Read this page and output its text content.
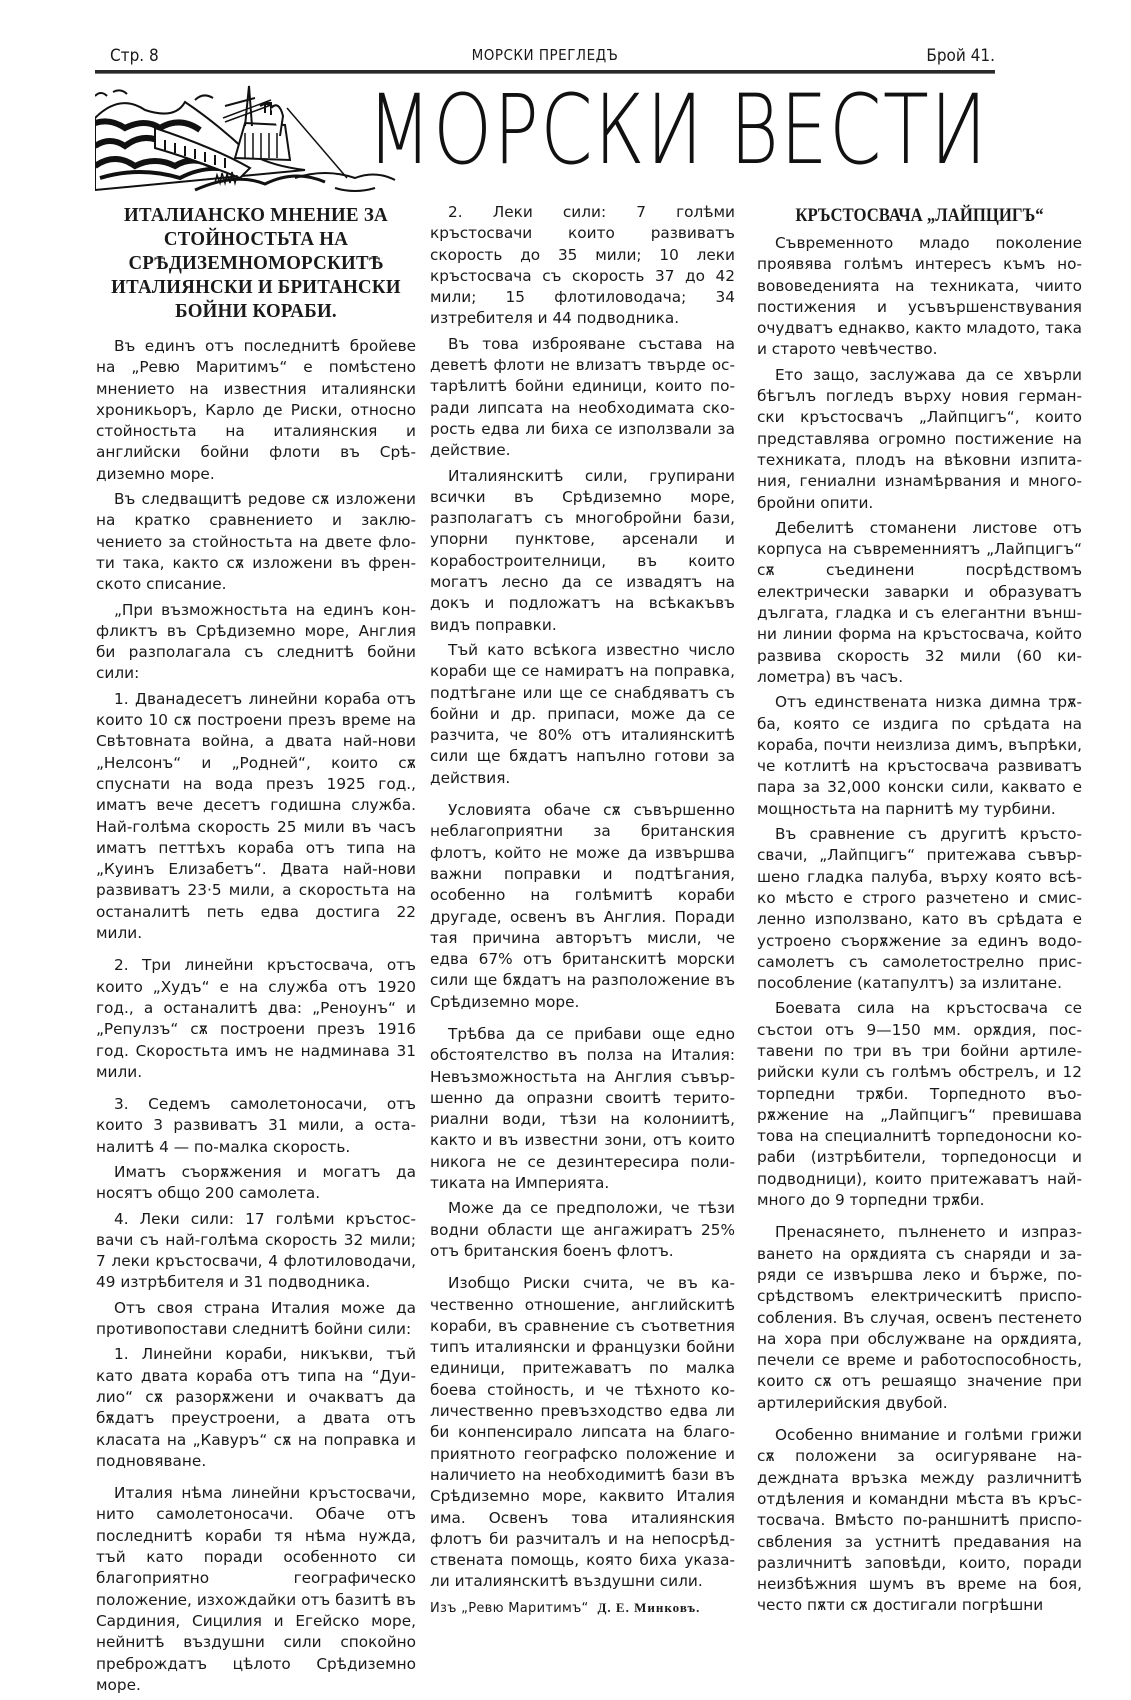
Стр. 8	МОРСКИ ПРЕГЛЕДЪ	Брой 41.
МОРСКИ ВЕСТИ
ИТАЛИАНСКО МНЕНИЕ ЗА СТОЙНОСТЬТА НА СРѢДИЗЕМНОМОРСКИТѢ ИТАЛИЯНСКИ И БРИТАНСКИ БОЙНИ КОРАБИ.

Въ единъ отъ последнитѣ бройеве на „Ревю Маритимъ“ е помѣстено мнението на известния италиянски хроникьоръ, Карло де Риски, относно стойностьта на италиянския и английски бойни флоти въ Срѣдиземно море.

Въ следващитѣ редове сѫ изложени на кратко сравнението и заключението за стойностьта на двете флоти така, както сѫ изложени въ френското списание.

„При възможностьта на единъ конфликтъ въ Срѣдиземно море, Англия би разполагала съ следнитѣ бойни сили:

1. Дванадесетъ линейни кораба отъ които 10 сѫ построени презъ време на Свѣтовната война, а двата най-нови „Нелсонъ“ и „Родней“, които сѫ спуснати на вода презъ 1925 год., иматъ вече десетъ годишна служба. Най-голѣма скорость 25 мили въ часъ иматъ петтѣхъ кораба отъ типа на „Куинъ Елизабетъ“. Двата най-нови развиватъ 23·5 мили, а скоростьта на останалитѣ петь едва достига 22 мили.

2. Три линейни кръстосвача, отъ които „Худъ“ е на служба отъ 1920 год., а останалитѣ два: „Реноунъ“ и „Репулзъ“ сѫ построени презъ 1916 год. Скоростьта имъ не надминава 31 мили.

3. Седемъ самолетоносачи, отъ които 3 развиватъ 31 мили, а останалитѣ 4 — по-малка скорость.

Иматъ съорѫжения и могатъ да носятъ общо 200 самолета.

4. Леки сили: 17 голѣми кръстосвачи съ най-голѣма скорость 32 мили; 7 леки кръстосвачи, 4 флотиловодачи, 49 изтрѣбителя и 31 подводника.

Отъ своя страна Италия може да противопостави следнитѣ бойни сили:

1. Линейни кораби, никъкви, тъй като двата кораба отъ типа на “Дуилио“ сѫ разорѫжени и очакватъ да бѫдатъ преустроени, а двата отъ класата на „Кавуръ“ сѫ на поправка и подновяване.

Италия нѣма линейни кръстосвачи, нито самолетоносачи. Обаче отъ последнитѣ кораби тя нѣма нужда, тъй като поради особенното си благоприятно географическо положение, изхождайки отъ базитѣ въ Сардиния, Сицилия и Егейско море, нейнитѣ въздушни сили спокойно преброждатъ цѣлото Срѣдиземно море.

2. Леки сили: 7 голѣми кръстосвачи които развиватъ скорость до 35 мили; 10 леки кръстосвача съ скорость 37 до 42 мили; 15 флотиловодача; 34 изтребителя и 44 подводника.

Въ това изброяване състава на деветѣ флоти не влизатъ твърде остарѣлитѣ бойни единици, които поради липсата на необходимата скорость едва ли биха се използвали за действие.

Италиянскитѣ сили, групирани всички въ Срѣдиземно море, разполагатъ съ многобройни бази, упорни пунктове, арсенали и корабостроителници, въ които могатъ лесно да се извадятъ на докъ и подложатъ на всѣкакъвъ видъ поправки.

Тъй като всѣкога известно число кораби ще се намиратъ на поправка, подтѣгане или ще се снабдяватъ съ бойни и др. припаси, може да се разчита, че 80% отъ италиянскитѣ сили ще бѫдатъ напълно готови за действия.

Условията обаче сѫ съвършенно неблагоприятни за британския флотъ, който не може да извършва важни поправки и подтѣгания, особенно на голѣмитѣ кораби другаде, освенъ въ Англия. Поради тая причина авторътъ мисли, че едва 67% отъ британскитѣ морски сили ще бѫдатъ на разположение въ Срѣдиземно море.

Трѣбва да се прибави още едно обстоятелство въ полза на Италия: Невъзможностьта на Англия съвършенно да опразни своитѣ териториални води, тѣзи на колониитѣ, както и въ известни зони, отъ които никога не се дезинтересира политиката на Империята.

Може да се предположи, че тѣзи водни области ще ангажиратъ 25% отъ британския боенъ флотъ.

Изобщо Риски счита, че въ качественно отношение, английскитѣ кораби, въ сравнение съ съответния типъ италиянски и французки бойни единици, притежаватъ по малка боева стойность, и че тѣхното количественно превъзходство едва ли би конпенсирало липсата на благоприятното географско положение и наличието на необходимитѣ бази въ Срѣдиземно море, каквито Италия има. Освенъ това италиянския флотъ би разчиталъ и на непосрѣдствената помощь, която биха указали италиянскитѣ въздушни сили.

Изъ „Ревю Маритимъ“ Д. Е. Минковъ.

КРЪСТОСВАЧА „ЛАЙПЦИГЪ“

Съвременното младо поколение проявява голѣмъ интересъ къмъ новововеденията на техниката, чиито постижения и усъвършенствувания очудватъ еднакво, както младото, така и старото чевѣчество.

Ето защо, заслужава да се хвърли бѣгълъ погледъ върху новия германски кръстосвачъ „Лайпцигъ“, които представлява огромно постижение на техниката, плодъ на вѣковни изпитания, гениални изнамѣрвания и многобройни опити.

Дебелитѣ стоманени листове отъ корпуса на съвременниятъ „Лайпцигъ“ сѫ съединени посрѣдствомъ електрически заварки и образуватъ дългата, гладка и съ елегантни външни линии форма на кръстосвача, който развива скорость 32 мили (60 километра) въ часъ.

Отъ единствената низка димна трѫба, която се издига по срѣдата на кораба, почти неизлиза димъ, въпрѣки, че котлитѣ на кръстосвача развиватъ пара за 32,000 конски сили, каквато е мощностьта на парнитѣ му турбини.

Въ сравнение съ другитѣ кръстосвачи, „Лайпцигъ“ притежава съвършено гладка палуба, върху която всѣко мѣсто е строго разчетено и смисленно използвано, като въ срѣдата е устроено съорѫжение за единъ водосамолетъ съ самолетострелно приспособление (катапултъ) за излитане.

Боевата сила на кръстосвача се състои отъ 9—150 мм. орѫдия, поставени по три въ три бойни артилерийски кули съ голѣмъ обстрелъ, и 12 торпедни трѫби. Торпедното въорѫжение на „Лайпцигъ“ превишава това на специалнитѣ торпедоносни кораби (изтрѣбители, торпедоносци и подводници), които притежаватъ наймного до 9 торпедни трѫби.

Пренасянето, пълненето и изпразването на орѫдията съ снаряди и заряди се извършва леко и бърже, посрѣдствомъ електрическитѣ приспособления. Въ случая, освенъ пестенето на хора при обслужване на орѫдията, печели се време и работоспособность, които сѫ отъ решаящо значение при артилерийския двубой.

Особенно внимание и голѣми грижи сѫ положени за осигуряване надеждната връзка между различнитѣ отдѣления и командни мѣста въ кръстосвача. Вмѣсто по-раншнитѣ приспосвбления за устнитѣ предавания на различнитѣ заповѣди, които, поради неизбѣжния шумъ въ време на боя, често пѫти сѫ достигали погрѣшни
